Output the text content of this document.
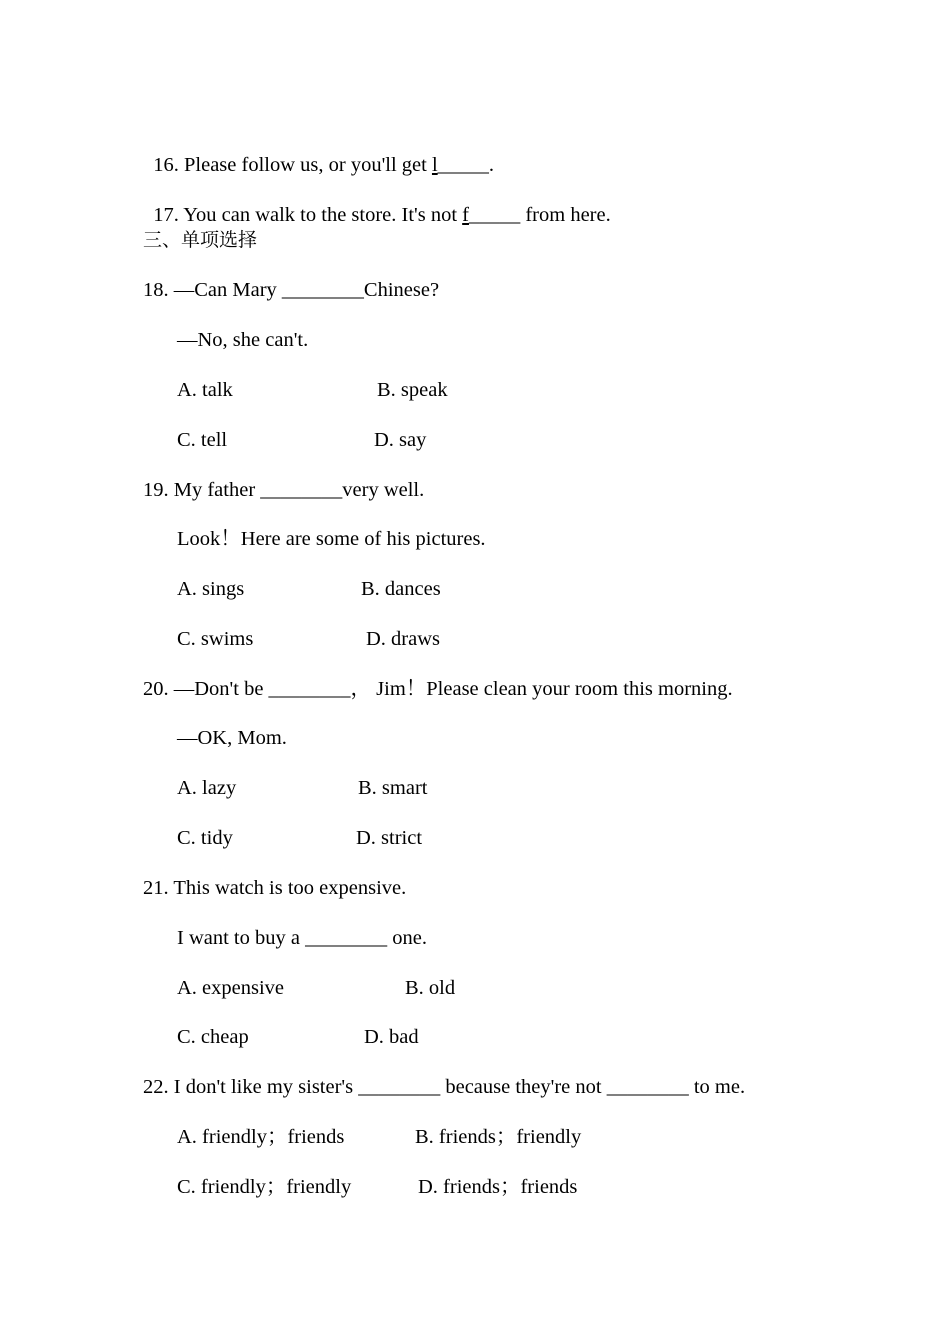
16. Please follow us, or you'll get l_____.

17. You can walk to the store. It's not f_____ from here.

三、单项选择
18. —Can Mary ________Chinese?
—No, she can't.
A. talk	B. speak
C. tell	D. say
19. My father ________very well.
Look！Here are some of his pictures.
A. sings	B. dances
C. swims	D. draws
20. —Don't be ________， Jim！Please clean your room this morning.
—OK, Mom.
A. lazy	B. smart
C. tidy	D. strict
21. This watch is too expensive.
I want to buy a ________ one.
A. expensive	B. old
C. cheap	D. bad
22. I don't like my sister's ________ because they're not ________ to me.
A. friendly；friends	B. friends；friendly
C. friendly；friendly	D. friends；friends
